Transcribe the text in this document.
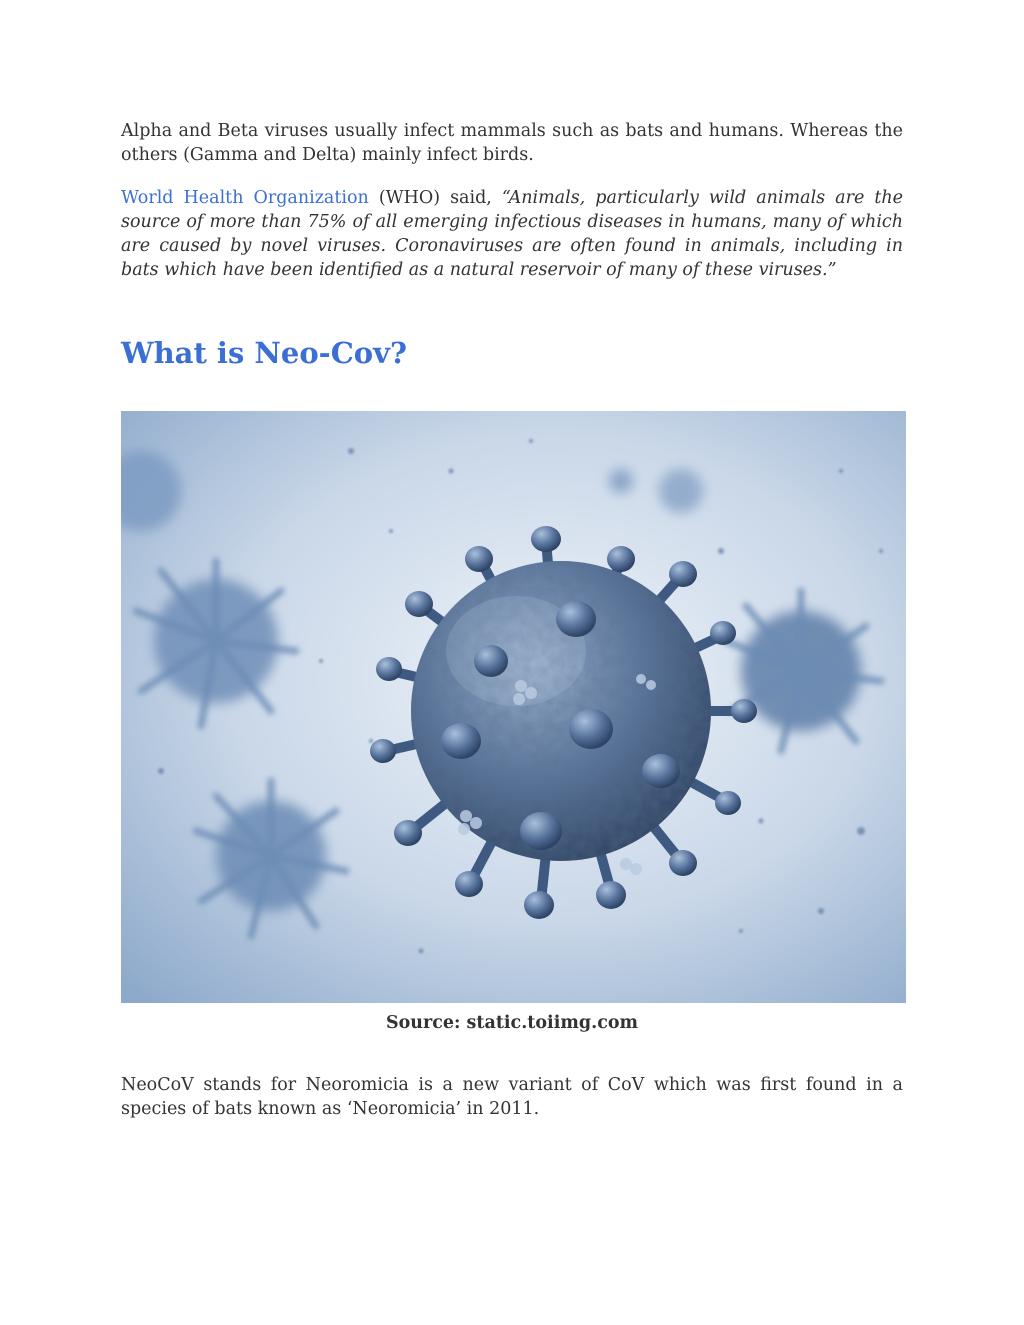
Alpha and Beta viruses usually infect mammals such as bats and humans. Whereas the others (Gamma and Delta) mainly infect birds.

World Health Organization (WHO) said, “Animals, particularly wild animals are the source of more than 75% of all emerging infectious diseases in humans, many of which are caused by novel viruses. Coronaviruses are often found in animals, including in bats which have been identified as a natural reservoir of many of these viruses.”

What is Neo-Cov?
Source: static.toiimg.com

NeoCoV stands for Neoromicia is a new variant of CoV which was first found in a species of bats known as ‘Neoromicia’ in 2011.
